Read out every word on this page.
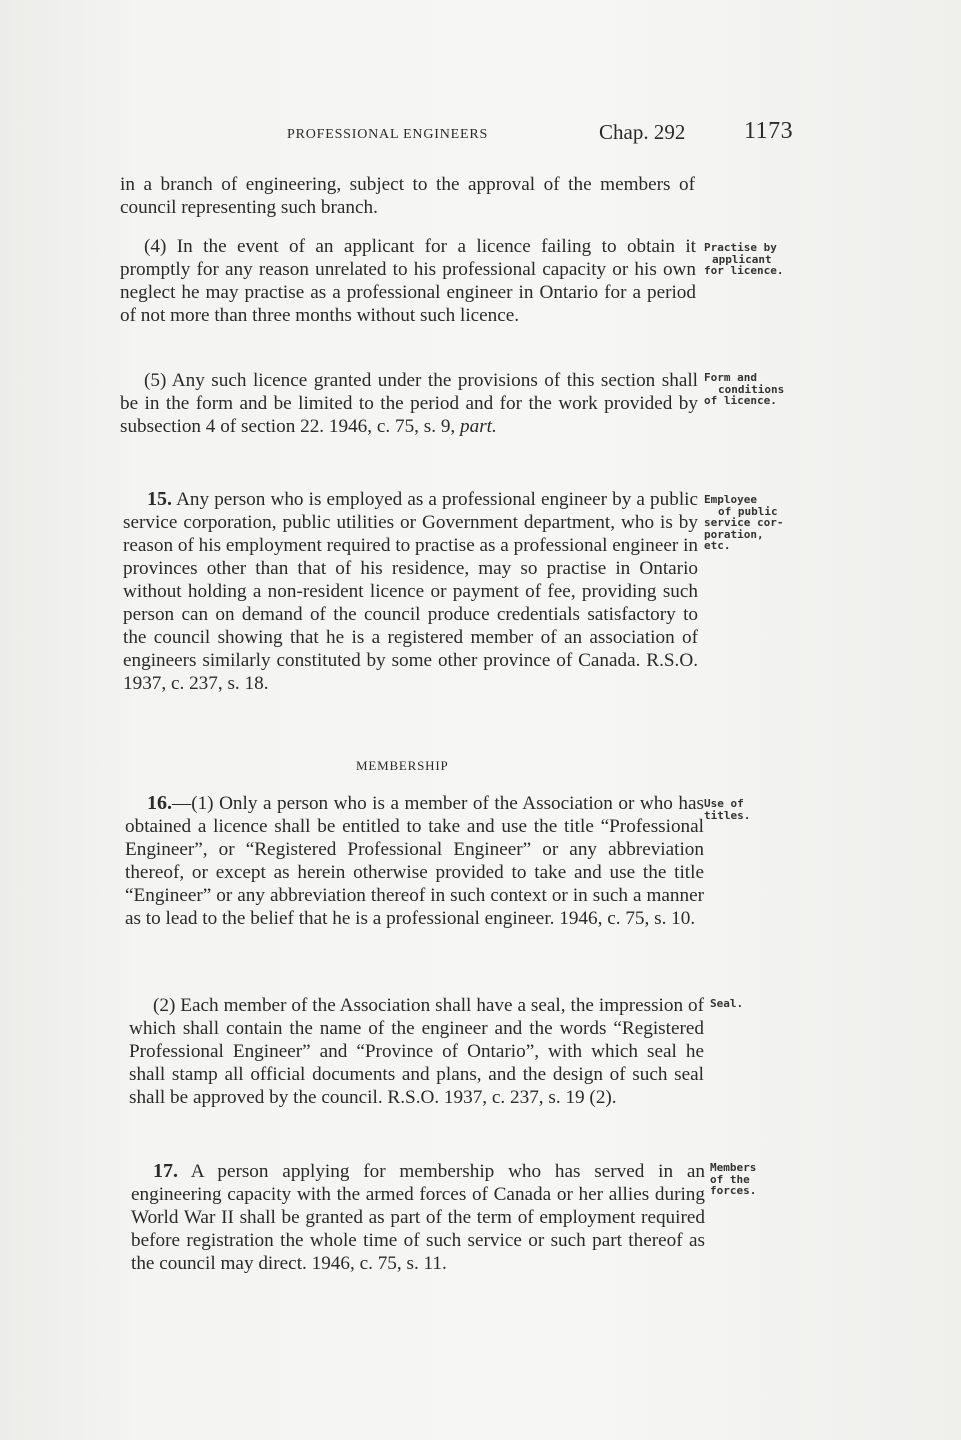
PROFESSIONAL ENGINEERS	Chap. 292 1173
in a branch of engineering, subject to the approval of the members of council representing such branch.
(4) In the event of an applicant for a licence failing to obtain it promptly for any reason unrelated to his professional capacity or his own neglect he may practise as a professional engineer in Ontario for a period of not more than three months without such licence.
Practise by
applicant
for licence.
(5) Any such licence granted under the provisions of this section shall be in the form and be limited to the period and for the work provided by subsection 4 of section 22. 1946, c. 75, s. 9, part.
Form and
conditions
of licence.
15. Any person who is employed as a professional engineer by a public service corporation, public utilities or Government department, who is by reason of his employment required to practise as a professional engineer in provinces other than that of his residence, may so practise in Ontario without holding a non-resident licence or payment of fee, providing such person can on demand of the council produce credentials satisfactory to the council showing that he is a registered member of an association of engineers similarly constituted by some other province of Canada. R.S.O. 1937, c. 237, s. 18.
Employee
of public
service cor-
poration, etc.
MEMBERSHIP
16.—(1) Only a person who is a member of the Association or who has obtained a licence shall be entitled to take and use the title “Professional Engineer”, or “Registered Professional Engineer” or any abbreviation thereof, or except as herein otherwise provided to take and use the title “Engineer” or any abbreviation thereof in such context or in such a manner as to lead to the belief that he is a professional engineer. 1946, c. 75, s. 10.
Use of
titles.
(2) Each member of the Association shall have a seal, the impression of which shall contain the name of the engineer and the words “Registered Professional Engineer” and “Province of Ontario”, with which seal he shall stamp all official documents and plans, and the design of such seal shall be approved by the council. R.S.O. 1937, c. 237, s. 19 (2).
Seal.
17. A person applying for membership who has served in an engineering capacity with the armed forces of Canada or her allies during World War II shall be granted as part of the term of employment required before registration the whole time of such service or such part thereof as the council may direct. 1946, c. 75, s. 11.
Members
of the
forces.
